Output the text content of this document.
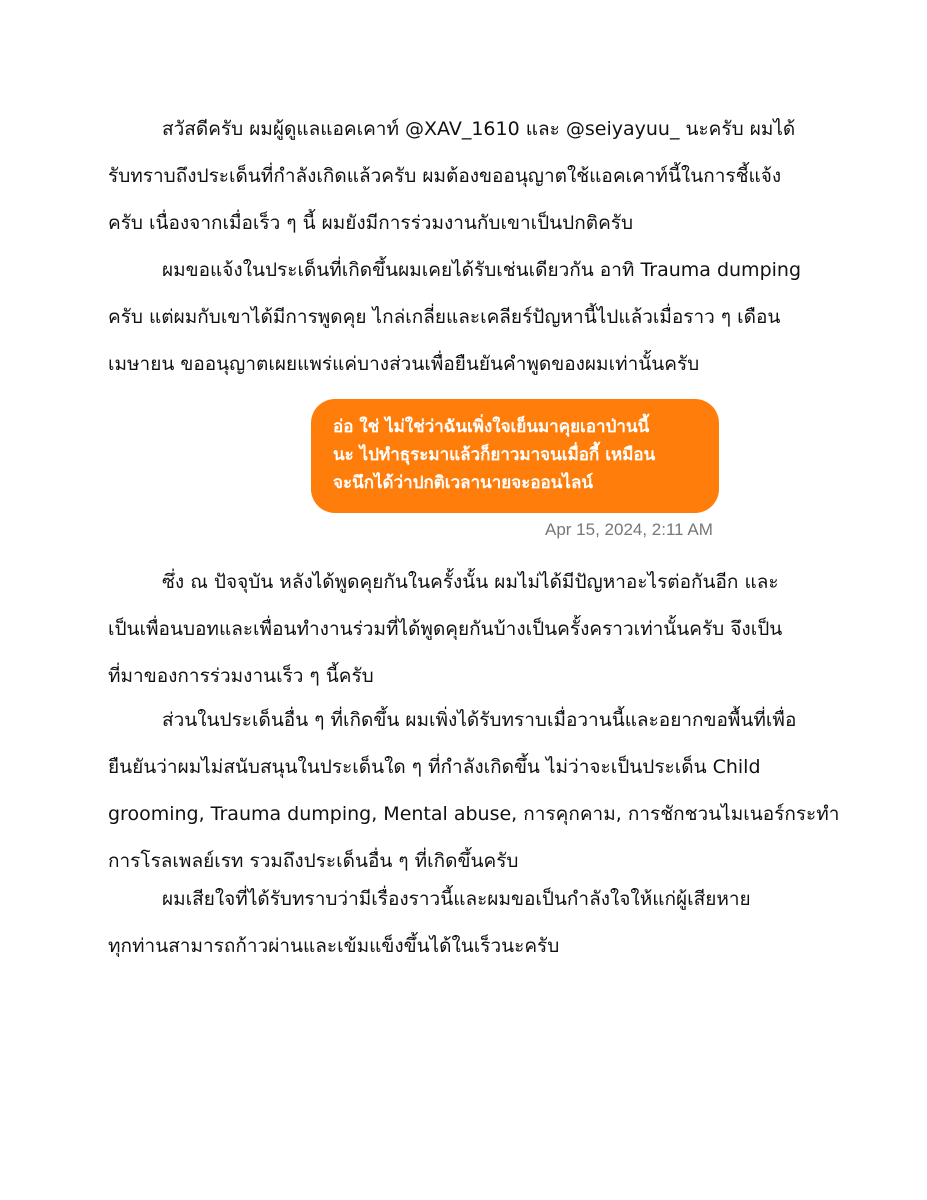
สวัสดีครับ ผมผู้ดูแลแอคเคาท์ @XAV_1610 และ @seiyayuu_ นะครับ ผมได้
รับทราบถึงประเด็นที่กำลังเกิดแล้วครับ ผมต้องขออนุญาตใช้แอคเคาท์นี้ในการชี้แจ้ง
ครับ เนื่องจากเมื่อเร็ว ๆ นี้ ผมยังมีการร่วมงานกับเขาเป็นปกติครับ

ผมขอแจ้งในประเด็นที่เกิดขึ้นผมเคยได้รับเช่นเดียวกัน อาทิ Trauma dumping
ครับ แต่ผมกับเขาได้มีการพูดคุย ไกล่เกลี่ยและเคลียร์ปัญหานี้ไปแล้วเมื่อราว ๆ เดือน
เมษายน ขออนุญาตเผยแพร่แค่บางส่วนเพื่อยืนยันคำพูดของผมเท่านั้นครับ

อ่อ ใช่ ไม่ใช่ว่าฉันเพิ่งใจเย็นมาคุยเอาป่านนี้
นะ ไปทำธุระมาแล้วก็ยาวมาจนเมื่อกี้ เหมือน
จะนึกได้ว่าปกติเวลานายจะออนไลน์
Apr 15, 2024, 2:11 AM

ซึ่ง ณ ปัจจุบัน หลังได้พูดคุยกันในครั้งนั้น ผมไม่ได้มีปัญหาอะไรต่อกันอีก และ
เป็นเพื่อนบอทและเพื่อนทำงานร่วมที่ได้พูดคุยกันบ้างเป็นครั้งคราวเท่านั้นครับ จึงเป็น
ที่มาของการร่วมงานเร็ว ๆ นี้ครับ

ส่วนในประเด็นอื่น ๆ ที่เกิดขึ้น ผมเพิ่งได้รับทราบเมื่อวานนี้และอยากขอพื้นที่เพื่อ
ยืนยันว่าผมไม่สนับสนุนในประเด็นใด ๆ ที่กำลังเกิดขึ้น ไม่ว่าจะเป็นประเด็น Child
grooming, Trauma dumping, Mental abuse, การคุกคาม, การชักชวนไมเนอร์กระทำ
การโรลเพลย์เรท รวมถึงประเด็นอื่น ๆ ที่เกิดขึ้นครับ

ผมเสียใจที่ได้รับทราบว่ามีเรื่องราวนี้และผมขอเป็นกำลังใจให้แก่ผู้เสียหาย
ทุกท่านสามารถก้าวผ่านและเข้มแข็งขึ้นได้ในเร็วนะครับ
